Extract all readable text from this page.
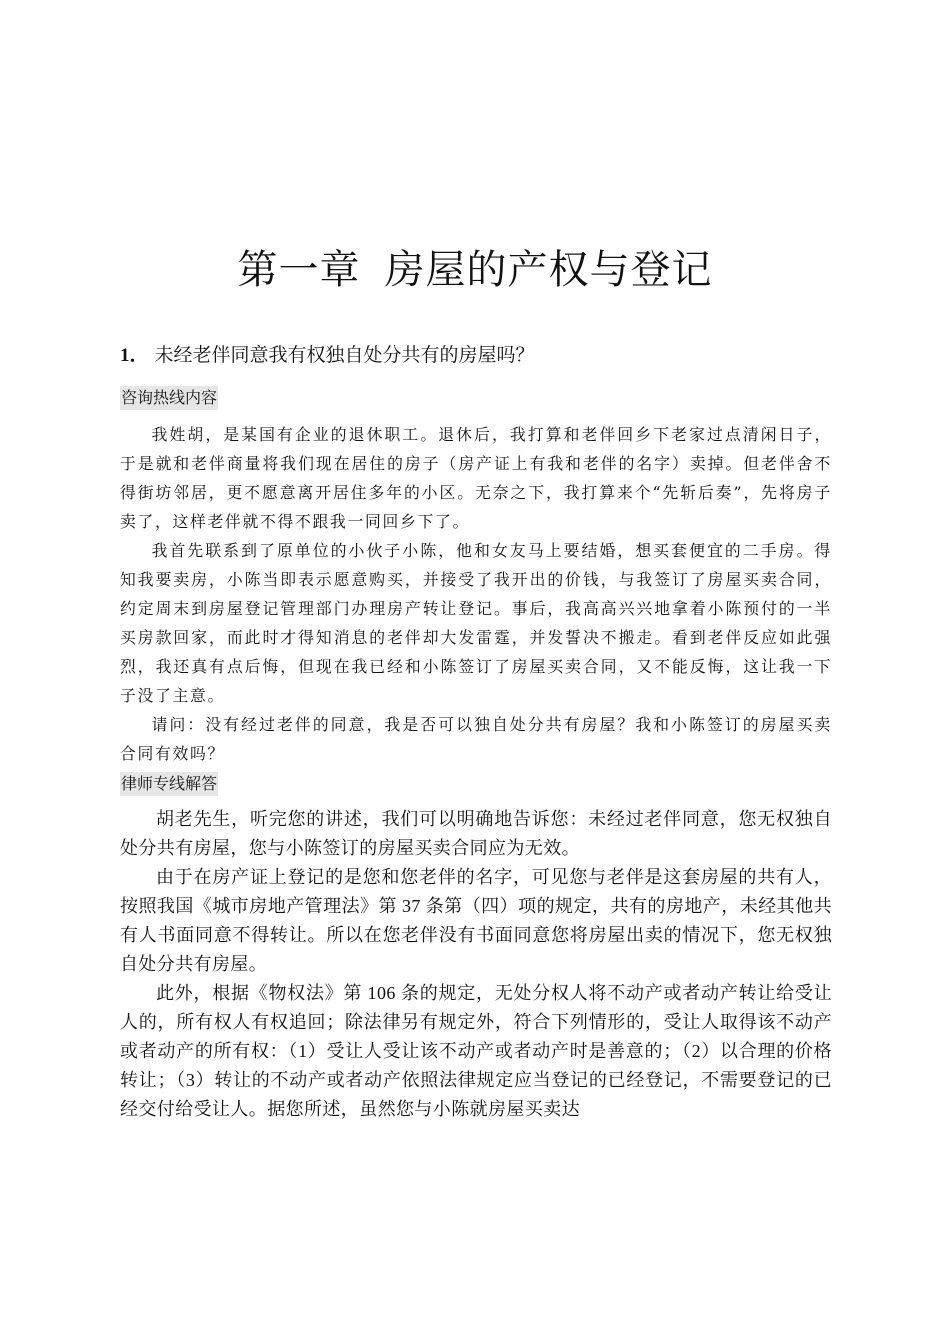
第一章 房屋的产权与登记
1． 未经老伴同意我有权独自处分共有的房屋吗？
咨询热线内容

我姓胡，是某国有企业的退休职工。退休后，我打算和老伴回乡下老家过点清闲日子，于是就和老伴商量将我们现在居住的房子（房产证上有我和老伴的名字）卖掉。但老伴舍不得街坊邻居，更不愿意离开居住多年的小区。无奈之下，我打算来个“先斩后奏”，先将房子卖了，这样老伴就不得不跟我一同回乡下了。

我首先联系到了原单位的小伙子小陈，他和女友马上要结婚，想买套便宜的二手房。得知我要卖房，小陈当即表示愿意购买，并接受了我开出的价钱，与我签订了房屋买卖合同，约定周末到房屋登记管理部门办理房产转让登记。事后，我高高兴兴地拿着小陈预付的一半买房款回家，而此时才得知消息的老伴却大发雷霆，并发誓决不搬走。看到老伴反应如此强烈，我还真有点后悔，但现在我已经和小陈签订了房屋买卖合同，又不能反悔，这让我一下子没了主意。

请问：没有经过老伴的同意，我是否可以独自处分共有房屋？我和小陈签订的房屋买卖合同有效吗？

律师专线解答

胡老先生，听完您的讲述，我们可以明确地告诉您：未经过老伴同意，您无权独自处分共有房屋，您与小陈签订的房屋买卖合同应为无效。

由于在房产证上登记的是您和您老伴的名字，可见您与老伴是这套房屋的共有人，按照我国《城市房地产管理法》第 37 条第（四）项的规定，共有的房地产，未经其他共有人书面同意不得转让。所以在您老伴没有书面同意您将房屋出卖的情况下，您无权独自处分共有房屋。

此外，根据《物权法》第 106 条的规定，无处分权人将不动产或者动产转让给受让人的，所有权人有权追回；除法律另有规定外，符合下列情形的，受让人取得该不动产或者动产的所有权：（1）受让人受让该不动产或者动产时是善意的；（2）以合理的价格转让；（3）转让的不动产或者动产依照法律规定应当登记的已经登记，不需要登记的已经交付给受让人。据您所述，虽然您与小陈就房屋买卖达
